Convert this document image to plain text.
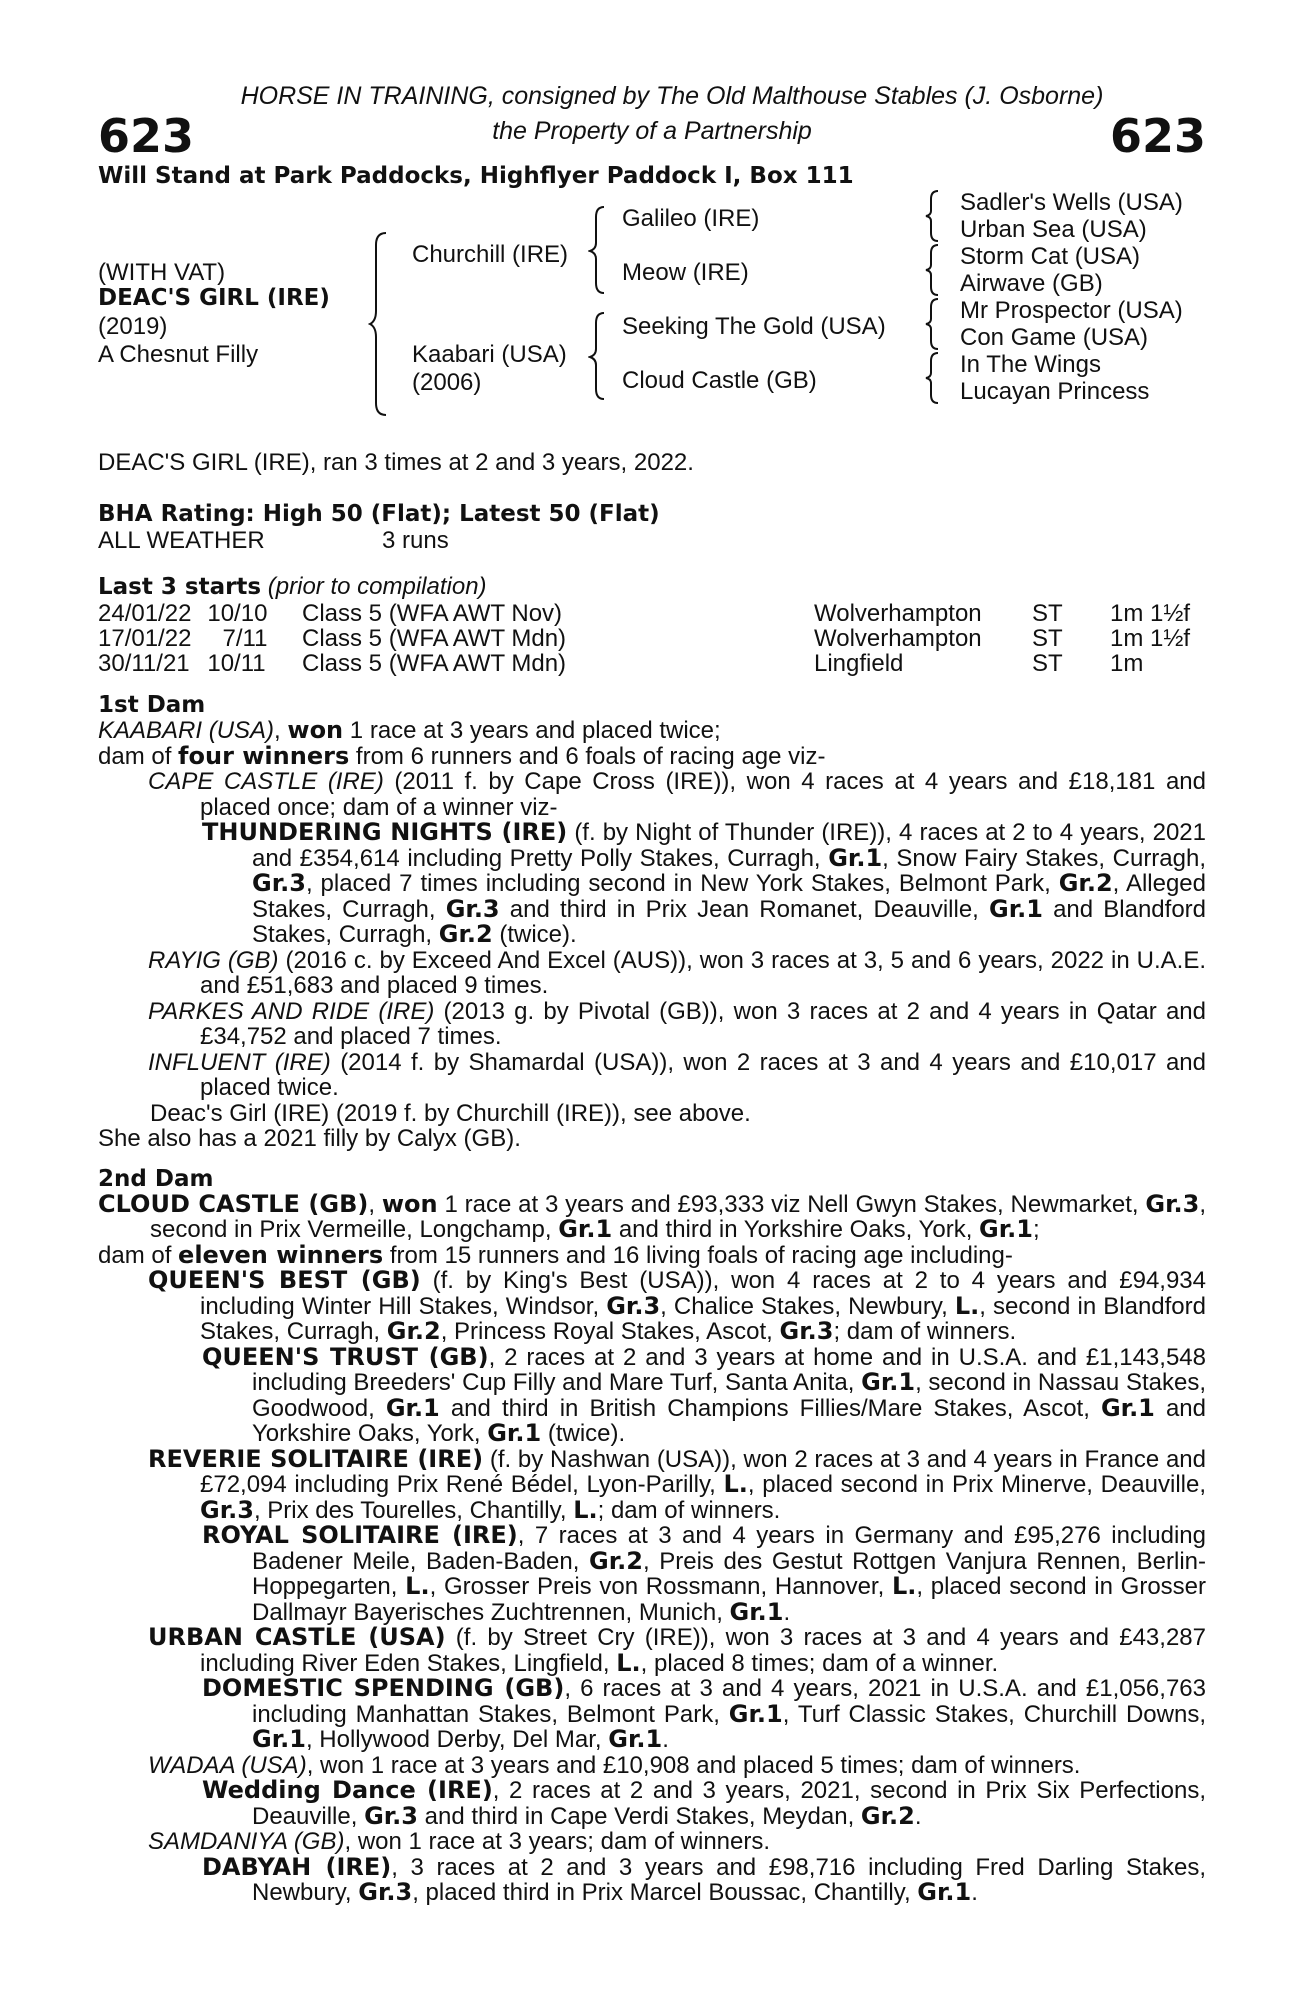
HORSE IN TRAINING, consigned by The Old Malthouse Stables (J. Osborne)
623	the Property of a Partnership	623
Will Stand at Park Paddocks, Highflyer Paddock I, Box 111
(WITH VAT)
DEAC'S GIRL (IRE)
(2019)
A Chesnut Filly
Churchill (IRE)
Kaabari (USA)
(2006)
Galileo (IRE)
Meow (IRE)
Seeking The Gold (USA)
Cloud Castle (GB)
Sadler's Wells (USA)
Urban Sea (USA)
Storm Cat (USA)
Airwave (GB)
Mr Prospector (USA)
Con Game (USA)
In The Wings
Lucayan Princess
DEAC'S GIRL (IRE), ran 3 times at 2 and 3 years, 2022.
BHA Rating: High 50 (Flat); Latest 50 (Flat)
ALL WEATHER	3 runs
Last 3 starts (prior to compilation)
24/01/22 10/10	Class 5 (WFA AWT Nov)	Wolverhampton	ST	1m 1½f
17/01/22 7/11	Class 5 (WFA AWT Mdn)	Wolverhampton	ST	1m 1½f
30/11/21 10/11	Class 5 (WFA AWT Mdn)	Lingfield	ST	1m
1st Dam
KAABARI (USA), won 1 race at 3 years and placed twice;
dam of four winners from 6 runners and 6 foals of racing age viz-
CAPE CASTLE (IRE) (2011 f. by Cape Cross (IRE)), won 4 races at 4 years and £18,181 and placed once; dam of a winner viz-
THUNDERING NIGHTS (IRE) (f. by Night of Thunder (IRE)), 4 races at 2 to 4 years, 2021 and £354,614 including Pretty Polly Stakes, Curragh, Gr.1, Snow Fairy Stakes, Curragh, Gr.3, placed 7 times including second in New York Stakes, Belmont Park, Gr.2, Alleged Stakes, Curragh, Gr.3 and third in Prix Jean Romanet, Deauville, Gr.1 and Blandford Stakes, Curragh, Gr.2 (twice).
RAYIG (GB) (2016 c. by Exceed And Excel (AUS)), won 3 races at 3, 5 and 6 years, 2022 in U.A.E. and £51,683 and placed 9 times.
PARKES AND RIDE (IRE) (2013 g. by Pivotal (GB)), won 3 races at 2 and 4 years in Qatar and £34,752 and placed 7 times.
INFLUENT (IRE) (2014 f. by Shamardal (USA)), won 2 races at 3 and 4 years and £10,017 and placed twice.
Deac's Girl (IRE) (2019 f. by Churchill (IRE)), see above.
She also has a 2021 filly by Calyx (GB).
2nd Dam
CLOUD CASTLE (GB), won 1 race at 3 years and £93,333 viz Nell Gwyn Stakes, Newmarket, Gr.3, second in Prix Vermeille, Longchamp, Gr.1 and third in Yorkshire Oaks, York, Gr.1;
dam of eleven winners from 15 runners and 16 living foals of racing age including-
QUEEN'S BEST (GB) (f. by King's Best (USA)), won 4 races at 2 to 4 years and £94,934 including Winter Hill Stakes, Windsor, Gr.3, Chalice Stakes, Newbury, L., second in Blandford Stakes, Curragh, Gr.2, Princess Royal Stakes, Ascot, Gr.3; dam of winners.
QUEEN'S TRUST (GB), 2 races at 2 and 3 years at home and in U.S.A. and £1,143,548 including Breeders' Cup Filly and Mare Turf, Santa Anita, Gr.1, second in Nassau Stakes, Goodwood, Gr.1 and third in British Champions Fillies/Mare Stakes, Ascot, Gr.1 and Yorkshire Oaks, York, Gr.1 (twice).
REVERIE SOLITAIRE (IRE) (f. by Nashwan (USA)), won 2 races at 3 and 4 years in France and £72,094 including Prix René Bédel, Lyon-Parilly, L., placed second in Prix Minerve, Deauville, Gr.3, Prix des Tourelles, Chantilly, L.; dam of winners.
ROYAL SOLITAIRE (IRE), 7 races at 3 and 4 years in Germany and £95,276 including Badener Meile, Baden-Baden, Gr.2, Preis des Gestut Rottgen Vanjura Rennen, Berlin-Hoppegarten, L., Grosser Preis von Rossmann, Hannover, L., placed second in Grosser Dallmayr Bayerisches Zuchtrennen, Munich, Gr.1.
URBAN CASTLE (USA) (f. by Street Cry (IRE)), won 3 races at 3 and 4 years and £43,287 including River Eden Stakes, Lingfield, L., placed 8 times; dam of a winner.
DOMESTIC SPENDING (GB), 6 races at 3 and 4 years, 2021 in U.S.A. and £1,056,763 including Manhattan Stakes, Belmont Park, Gr.1, Turf Classic Stakes, Churchill Downs, Gr.1, Hollywood Derby, Del Mar, Gr.1.
WADAA (USA), won 1 race at 3 years and £10,908 and placed 5 times; dam of winners.
Wedding Dance (IRE), 2 races at 2 and 3 years, 2021, second in Prix Six Perfections, Deauville, Gr.3 and third in Cape Verdi Stakes, Meydan, Gr.2.
SAMDANIYA (GB), won 1 race at 3 years; dam of winners.
DABYAH (IRE), 3 races at 2 and 3 years and £98,716 including Fred Darling Stakes, Newbury, Gr.3, placed third in Prix Marcel Boussac, Chantilly, Gr.1.
